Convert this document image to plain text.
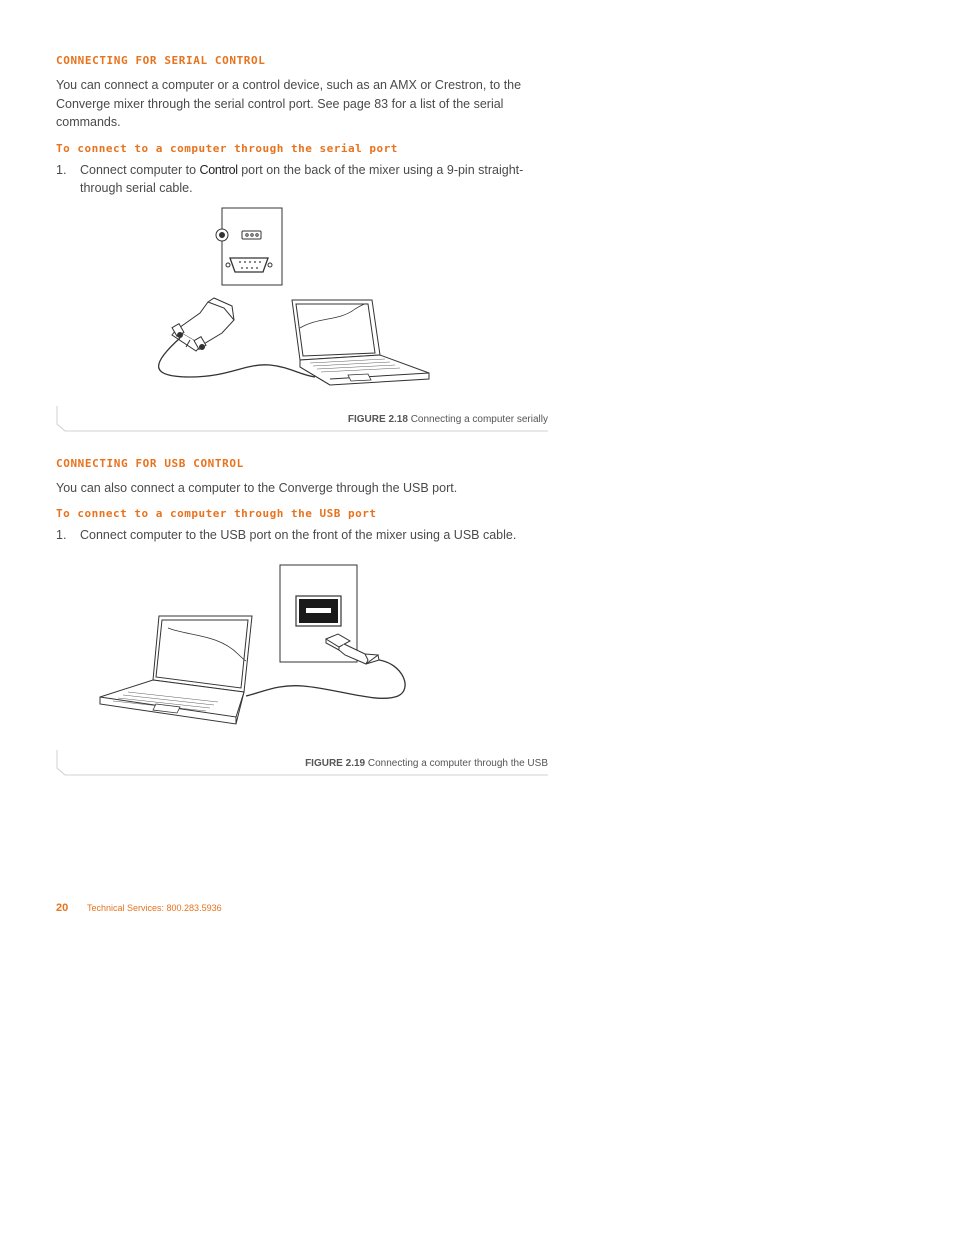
CONNECTING FOR SERIAL CONTROL
You can connect a computer or a control device, such as an AMX or Crestron, to the Converge mixer through the serial control port. See page 83 for a list of the serial commands.
To connect to a computer through the serial port
1. Connect computer to Control port on the back of the mixer using a 9-pin straight-through serial cable.
FIGURE 2.18 Connecting a computer serially
CONNECTING FOR USB CONTROL
You can also connect a computer to the Converge through the USB port.
To connect to a computer through the USB port
1. Connect computer to the USB port on the front of the mixer using a USB cable.
FIGURE 2.19 Connecting a computer through the USB
20 Technical Services: 800.283.5936
